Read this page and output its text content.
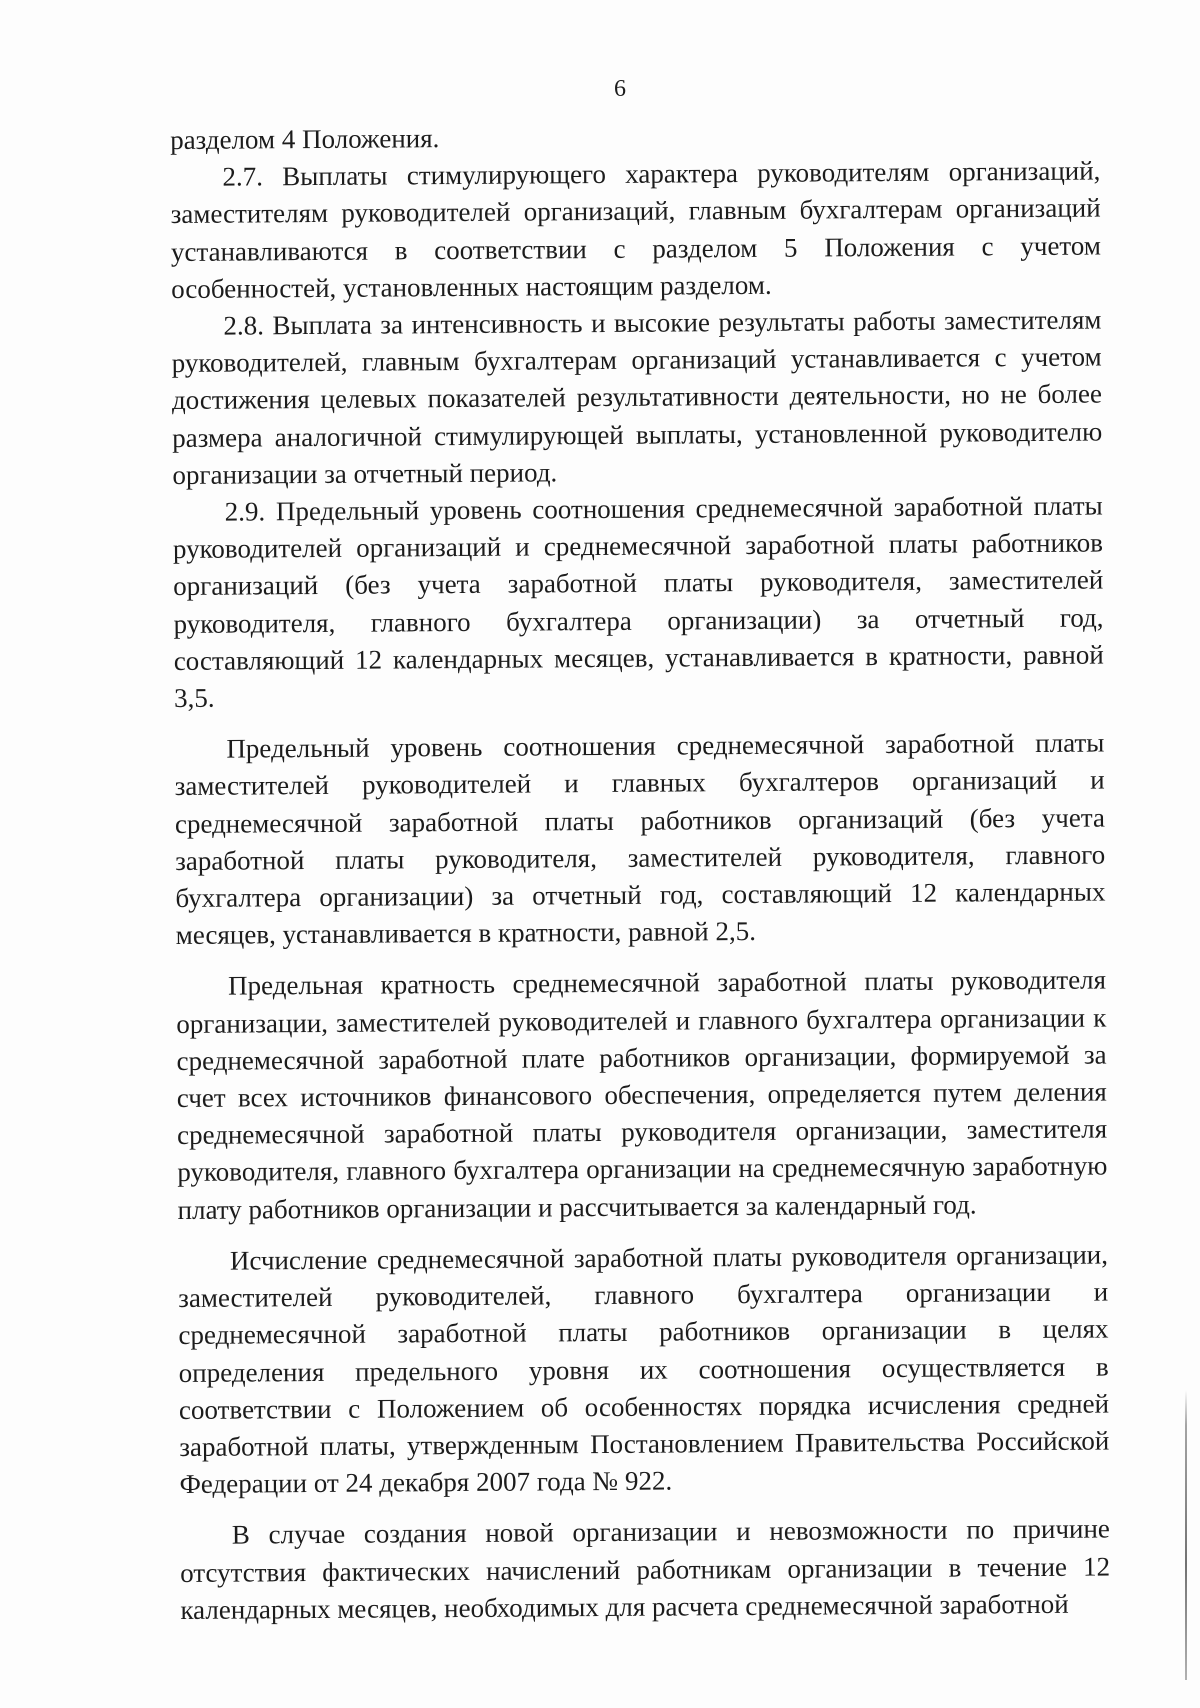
6

разделом 4 Положения.

2.7. Выплаты стимулирующего характера руководителям организаций, заместителям руководителей организаций, главным бухгалтерам организаций устанавливаются в соответствии с разделом 5 Положения с учетом особенностей, установленных настоящим разделом.

2.8. Выплата за интенсивность и высокие результаты работы заместителям руководителей, главным бухгалтерам организаций устанавливается с учетом достижения целевых показателей результативности деятельности, но не более размера аналогичной стимулирующей выплаты, установленной руководителю организации за отчетный период.

2.9. Предельный уровень соотношения среднемесячной заработной платы руководителей организаций и среднемесячной заработной платы работников организаций (без учета заработной платы руководителя, заместителей руководителя, главного бухгалтера организации) за отчетный год, составляющий 12 календарных месяцев, устанавливается в кратности, равной 3,5.

Предельный уровень соотношения среднемесячной заработной платы заместителей руководителей и главных бухгалтеров организаций и среднемесячной заработной платы работников организаций (без учета заработной платы руководителя, заместителей руководителя, главного бухгалтера организации) за отчетный год, составляющий 12 календарных месяцев, устанавливается в кратности, равной 2,5.

Предельная кратность среднемесячной заработной платы руководителя организации, заместителей руководителей и главного бухгалтера организации к среднемесячной заработной плате работников организации, формируемой за счет всех источников финансового обеспечения, определяется путем деления среднемесячной заработной платы руководителя организации, заместителя руководителя, главного бухгалтера организации на среднемесячную заработную плату работников организации и рассчитывается за календарный год.

Исчисление среднемесячной заработной платы руководителя организации, заместителей руководителей, главного бухгалтера организации и среднемесячной заработной платы работников организации в целях определения предельного уровня их соотношения осуществляется в соответствии с Положением об особенностях порядка исчисления средней заработной платы, утвержденным Постановлением Правительства Российской Федерации от 24 декабря 2007 года № 922.

В случае создания новой организации и невозможности по причине отсутствия фактических начислений работникам организации в течение 12 календарных месяцев, необходимых для расчета среднемесячной заработной
